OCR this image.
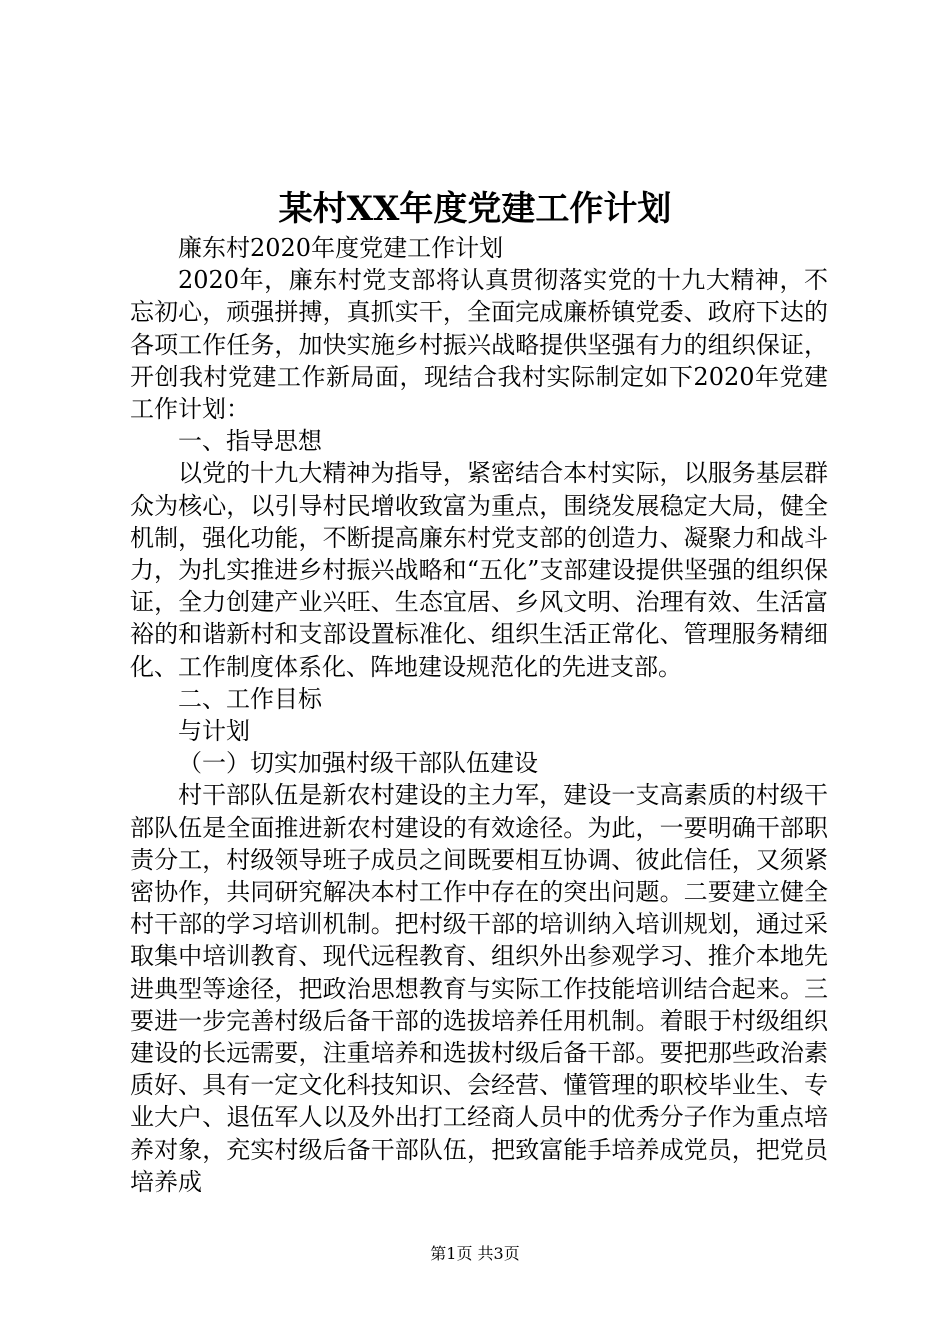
某村XX年度党建工作计划

廉东村2020年度党建工作计划

2020年，廉东村党支部将认真贯彻落实党的十九大精神，不忘初心，顽强拼搏，真抓实干，全面完成廉桥镇党委、政府下达的各项工作任务，加快实施乡村振兴战略提供坚强有力的组织保证，开创我村党建工作新局面，现结合我村实际制定如下2020年党建工作计划：

一、指导思想

以党的十九大精神为指导，紧密结合本村实际，以服务基层群众为核心，以引导村民增收致富为重点，围绕发展稳定大局，健全机制，强化功能，不断提高廉东村党支部的创造力、凝聚力和战斗力，为扎实推进乡村振兴战略和“五化”支部建设提供坚强的组织保证，全力创建产业兴旺、生态宜居、乡风文明、治理有效、生活富裕的和谐新村和支部设置标准化、组织生活正常化、管理服务精细化、工作制度体系化、阵地建设规范化的先进支部。

二、工作目标

与计划

（一）切实加强村级干部队伍建设

村干部队伍是新农村建设的主力军，建设一支高素质的村级干部队伍是全面推进新农村建设的有效途径。为此，一要明确干部职责分工，村级领导班子成员之间既要相互协调、彼此信任，又须紧密协作，共同研究解决本村工作中存在的突出问题。二要建立健全村干部的学习培训机制。把村级干部的培训纳入培训规划，通过采取集中培训教育、现代远程教育、组织外出参观学习、推介本地先进典型等途径，把政治思想教育与实际工作技能培训结合起来。三要进一步完善村级后备干部的选拔培养任用机制。着眼于村级组织建设的长远需要，注重培养和选拔村级后备干部。要把那些政治素质好、具有一定文化科技知识、会经营、懂管理的职校毕业生、专业大户、退伍军人以及外出打工经商人员中的优秀分子作为重点培养对象，充实村级后备干部队伍，把致富能手培养成党员，把党员培养成

第1页 共3页
